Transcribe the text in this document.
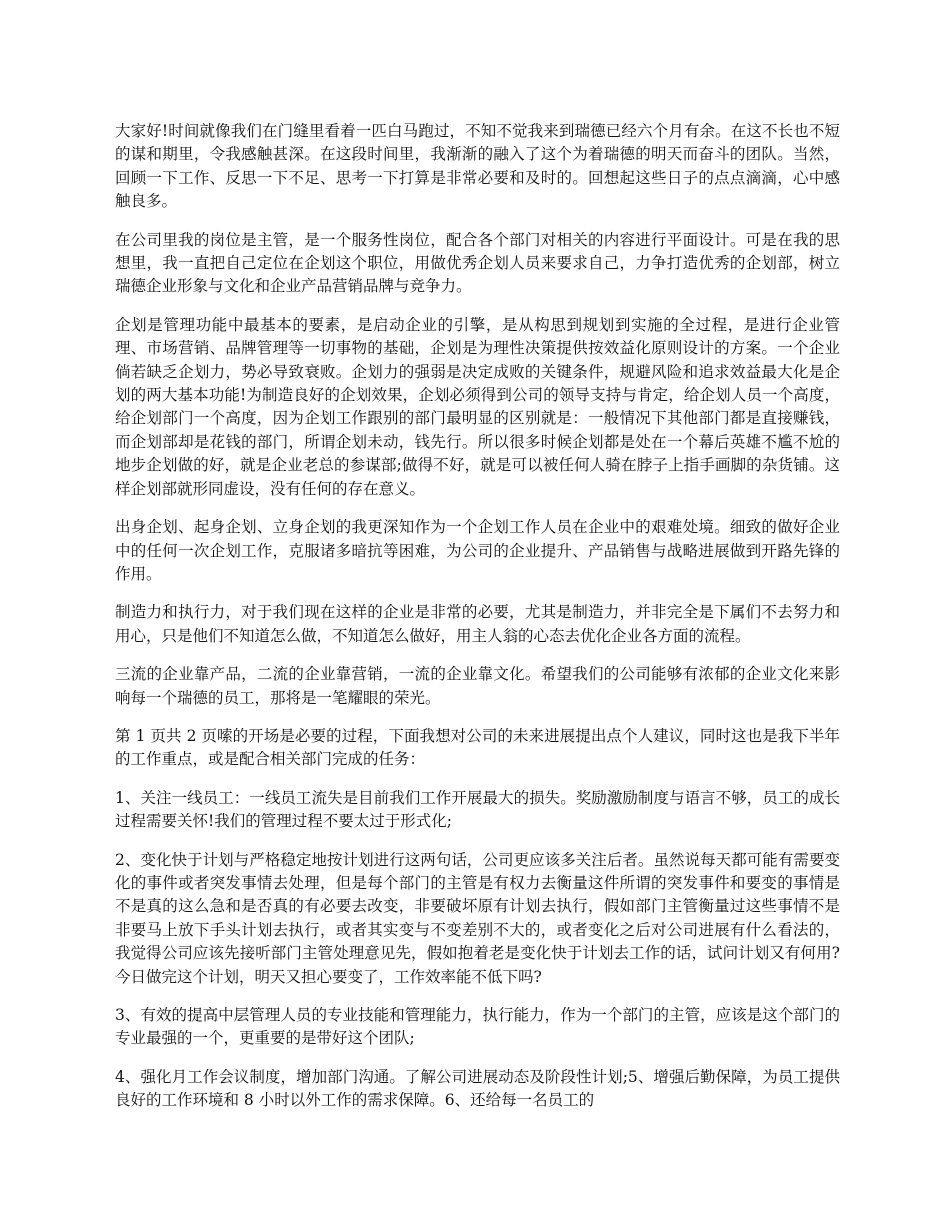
大家好!时间就像我们在门缝里看着一匹白马跑过，不知不觉我来到瑞德已经六个月有余。在这不长也不短的谋和期里，令我感触甚深。在这段时间里，我渐渐的融入了这个为着瑞德的明天而奋斗的团队。当然，回顾一下工作、反思一下不足、思考一下打算是非常必要和及时的。回想起这些日子的点点滴滴，心中感触良多。

在公司里我的岗位是主管，是一个服务性岗位，配合各个部门对相关的内容进行平面设计。可是在我的思想里，我一直把自己定位在企划这个职位，用做优秀企划人员来要求自己，力争打造优秀的企划部，树立瑞德企业形象与文化和企业产品营销品牌与竞争力。

企划是管理功能中最基本的要素，是启动企业的引擎，是从构思到规划到实施的全过程，是进行企业管理、市场营销、品牌管理等一切事物的基础，企划是为理性决策提供按效益化原则设计的方案。一个企业倘若缺乏企划力，势必导致衰败。企划力的强弱是决定成败的关键条件，规避风险和追求效益最大化是企划的两大基本功能!为制造良好的企划效果，企划必须得到公司的领导支持与肯定，给企划人员一个高度，给企划部门一个高度，因为企划工作跟别的部门最明显的区别就是：一般情况下其他部门都是直接赚钱，而企划部却是花钱的部门，所谓企划未动，钱先行。所以很多时候企划都是处在一个幕后英雄不尴不尬的地步企划做的好，就是企业老总的参谋部;做得不好，就是可以被任何人骑在脖子上指手画脚的杂货铺。这样企划部就形同虚设，没有任何的存在意义。

出身企划、起身企划、立身企划的我更深知作为一个企划工作人员在企业中的艰难处境。细致的做好企业中的任何一次企划工作，克服诸多暗抗等困难，为公司的企业提升、产品销售与战略进展做到开路先锋的作用。

制造力和执行力，对于我们现在这样的企业是非常的必要，尤其是制造力，并非完全是下属们不去努力和用心，只是他们不知道怎么做，不知道怎么做好，用主人翁的心态去优化企业各方面的流程。

三流的企业靠产品，二流的企业靠营销，一流的企业靠文化。希望我们的公司能够有浓郁的企业文化来影响每一个瑞德的员工，那将是一笔耀眼的荣光。

第 1 页共 2 页嗦的开场是必要的过程，下面我想对公司的未来进展提出点个人建议，同时这也是我下半年的工作重点，或是配合相关部门完成的任务：

1、关注一线员工：一线员工流失是目前我们工作开展最大的损失。奖励激励制度与语言不够，员工的成长过程需要关怀!我们的管理过程不要太过于形式化;

2、变化快于计划与严格稳定地按计划进行这两句话，公司更应该多关注后者。虽然说每天都可能有需要变化的事件或者突发事情去处理，但是每个部门的主管是有权力去衡量这件所谓的突发事件和要变的事情是不是真的这么急和是否真的有必要去改变，非要破坏原有计划去执行，假如部门主管衡量过这些事情不是非要马上放下手头计划去执行，或者其实变与不变差别不大的，或者变化之后对公司进展有什么看法的，我觉得公司应该先接听部门主管处理意见先，假如抱着老是变化快于计划去工作的话，试问计划又有何用?今日做完这个计划，明天又担心要变了，工作效率能不低下吗?

3、有效的提高中层管理人员的专业技能和管理能力，执行能力，作为一个部门的主管，应该是这个部门的专业最强的一个，更重要的是带好这个团队;

4、强化月工作会议制度，增加部门沟通。了解公司进展动态及阶段性计划;5、增强后勤保障，为员工提供良好的工作环境和 8 小时以外工作的需求保障。6、还给每一名员工的
